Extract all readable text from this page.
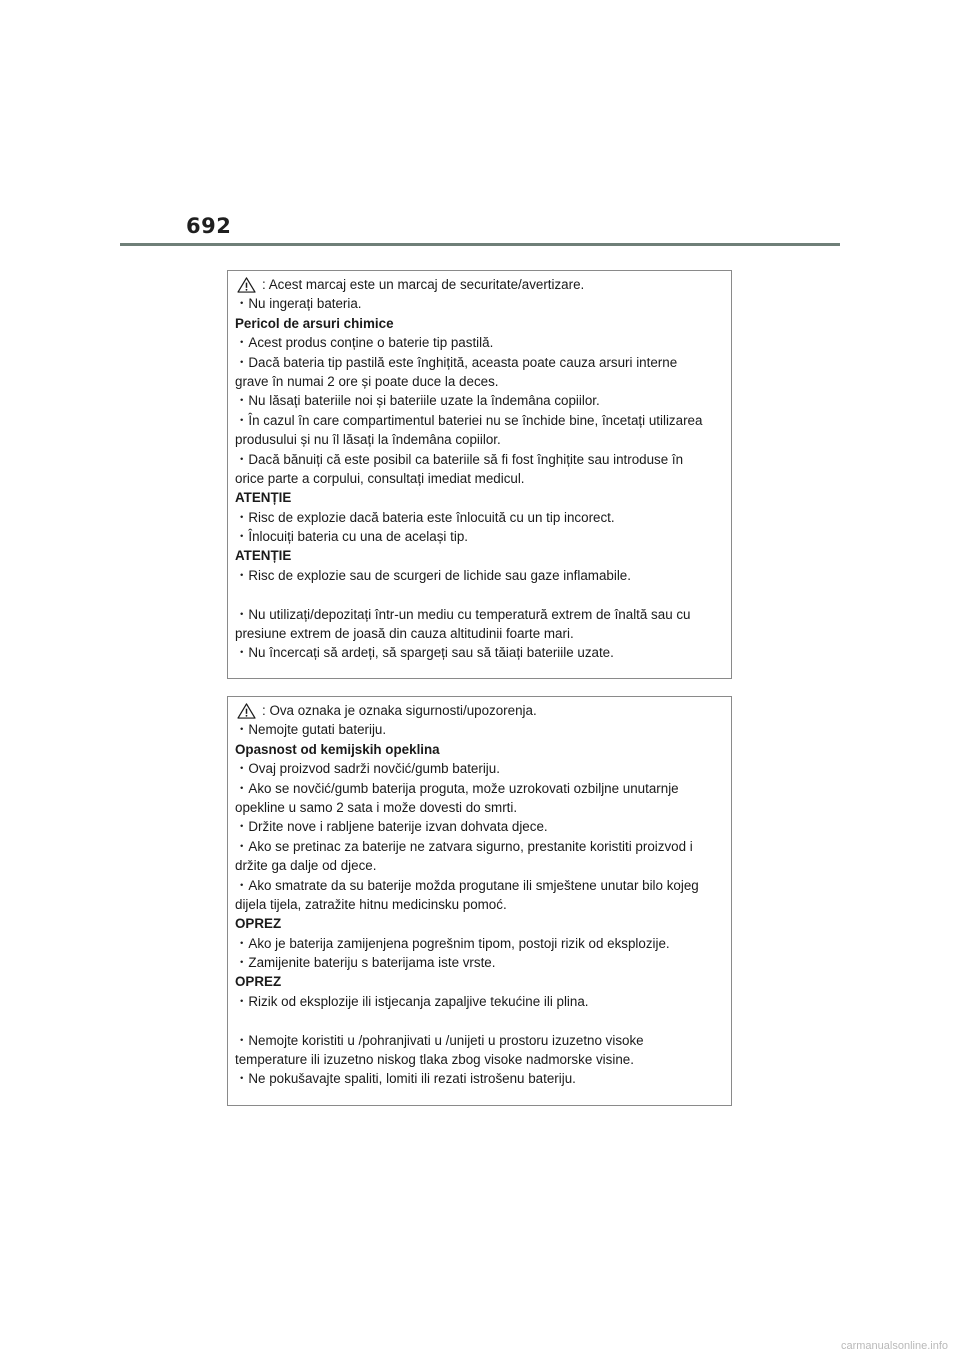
692
: Acest marcaj este un marcaj de securitate/avertizare.
・Nu ingerați bateria.
Pericol de arsuri chimice
・Acest produs conține o baterie tip pastilă.
・Dacă bateria tip pastilă este înghițită, aceasta poate cauza arsuri interne
grave în numai 2 ore și poate duce la deces.
・Nu lăsați bateriile noi și bateriile uzate la îndemâna copiilor.
・În cazul în care compartimentul bateriei nu se închide bine, încetați utilizarea
produsului și nu îl lăsați la îndemâna copiilor.
・Dacă bănuiți că este posibil ca bateriile să fi fost înghițite sau introduse în
orice parte a corpului, consultați imediat medicul.
ATENȚIE
・Risc de explozie dacă bateria este înlocuită cu un tip incorect.
・Înlocuiți bateria cu una de același tip.
ATENȚIE
・Risc de explozie sau de scurgeri de lichide sau gaze inflamabile.
・Nu utilizați/depozitați într-un mediu cu temperatură extrem de înaltă sau cu
presiune extrem de joasă din cauza altitudinii foarte mari.
・Nu încercați să ardeți, să spargeți sau să tăiați bateriile uzate.
: Ova oznaka je oznaka sigurnosti/upozorenja.
・Nemojte gutati bateriju.
Opasnost od kemijskih opeklina
・Ovaj proizvod sadrži novčić/gumb bateriju.
・Ako se novčić/gumb baterija proguta, može uzrokovati ozbiljne unutarnje
opekline u samo 2 sata i može dovesti do smrti.
・Držite nove i rabljene baterije izvan dohvata djece.
・Ako se pretinac za baterije ne zatvara sigurno, prestanite koristiti proizvod i
držite ga dalje od djece.
・Ako smatrate da su baterije možda progutane ili smještene unutar bilo kojeg
dijela tijela, zatražite hitnu medicinsku pomoć.
OPREZ
・Ako je baterija zamijenjena pogrešnim tipom, postoji rizik od eksplozije.
・Zamijenite bateriju s baterijama iste vrste.
OPREZ
・Rizik od eksplozije ili istjecanja zapaljive tekućine ili plina.
・Nemojte koristiti u /pohranjivati u /unijeti u prostoru izuzetno visoke
temperature ili izuzetno niskog tlaka zbog visoke nadmorske visine.
・Ne pokušavajte spaliti, lomiti ili rezati istrošenu bateriju.
carmanualsonline.info
